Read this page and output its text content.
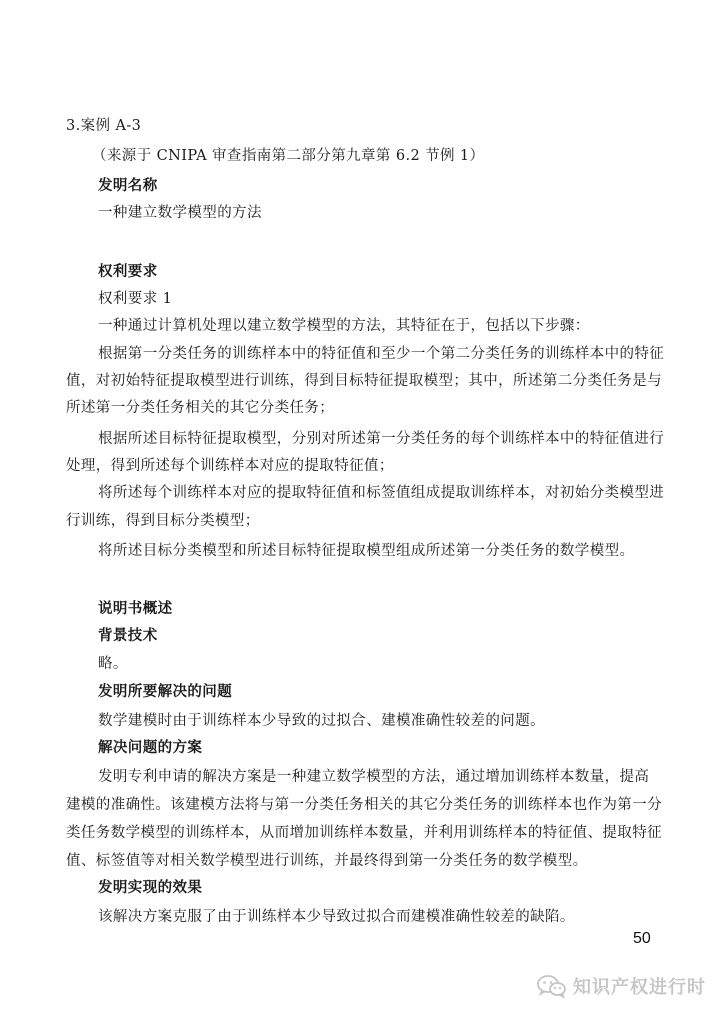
3.案例 A-3
（来源于 CNIPA 审查指南第二部分第九章第 6.2 节例 1）
发明名称
一种建立数学模型的方法
权利要求
权利要求 1
一种通过计算机处理以建立数学模型的方法，其特征在于，包括以下步骤：
根据第一分类任务的训练样本中的特征值和至少一个第二分类任务的训练样本中的特征
值，对初始特征提取模型进行训练，得到目标特征提取模型；其中，所述第二分类任务是与
所述第一分类任务相关的其它分类任务；
根据所述目标特征提取模型，分别对所述第一分类任务的每个训练样本中的特征值进行
处理，得到所述每个训练样本对应的提取特征值；
将所述每个训练样本对应的提取特征值和标签值组成提取训练样本，对初始分类模型进
行训练，得到目标分类模型；
将所述目标分类模型和所述目标特征提取模型组成所述第一分类任务的数学模型。
说明书概述
背景技术
略。
发明所要解决的问题
数学建模时由于训练样本少导致的过拟合、建模准确性较差的问题。
解决问题的方案
发明专利申请的解决方案是一种建立数学模型的方法，通过增加训练样本数量，提高
建模的准确性。该建模方法将与第一分类任务相关的其它分类任务的训练样本也作为第一分
类任务数学模型的训练样本，从而增加训练样本数量，并利用训练样本的特征值、提取特征
值、标签值等对相关数学模型进行训练，并最终得到第一分类任务的数学模型。
发明实现的效果
该解决方案克服了由于训练样本少导致过拟合而建模准确性较差的缺陷。
50
知识产权进行时
